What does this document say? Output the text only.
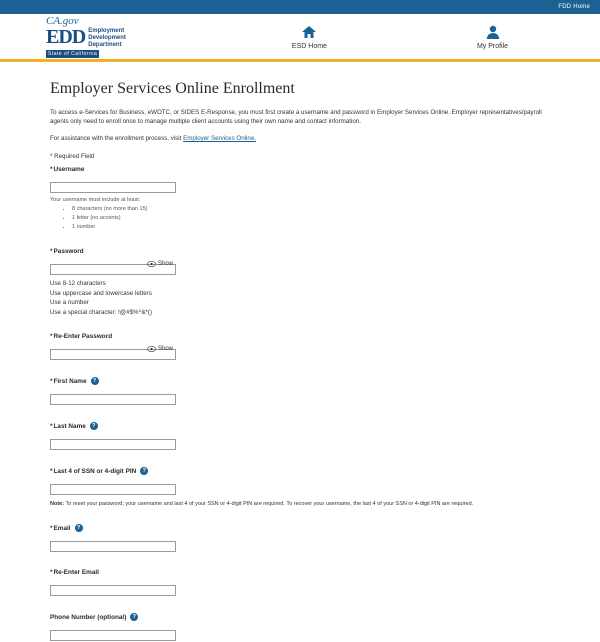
FDD Home
CA.gov
EDD Employment
Development
Department
State of California
ESD Home	My Profile
Employer Services Online Enrollment

To access e-Services for Business, eWOTC, or SIDES E-Response, you must first create a username and password in Employer Services Online. Employer representatives/payroll agents only need to enroll once to manage multiple client accounts using their own name and contact information.

For assistance with the enrollment process, visit Employer Services Online.

* Required Field
* Username
Your username must include at least:
• 8 characters (no more than 15)
• 1 letter (no accents)
• 1 number
* Password
Show
Use 8-12 characters
Use uppercase and lowercase letters
Use a number
Use a special character: !@#$%^&*()
* Re-Enter Password
Show
* First Name	?
* Last Name	?
* Last 4 of SSN or 4-digit PIN	?
Note: To reset your password, your username and last 4 of your SSN or 4-digit PIN are required. To recover your username, the last 4 of your SSN or 4-digit PIN are required.
* Email	?
* Re-Enter Email
Phone Number (optional)	?
